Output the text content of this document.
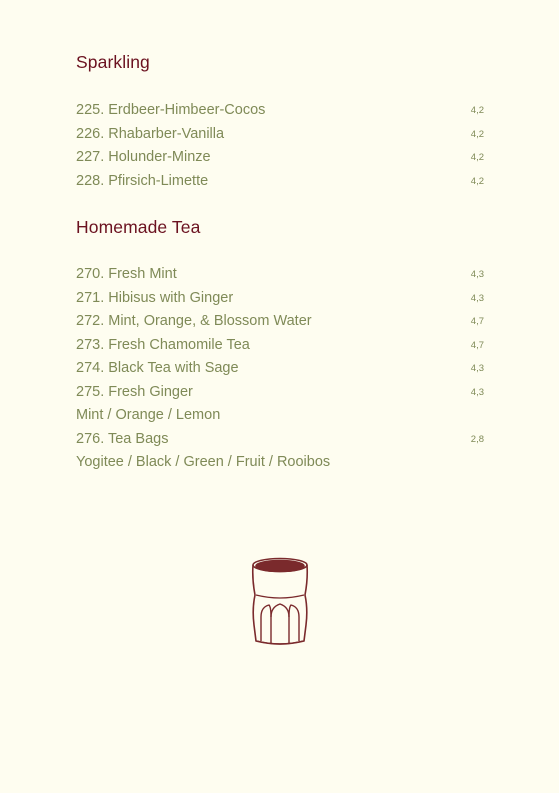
Sparkling
225. Erdbeer-Himbeer-Cocos	4,2
226. Rhabarber-Vanilla	4,2
227. Holunder-Minze	4,2
228. Pfirsich-Limette	4,2
Homemade Tea
270. Fresh Mint	4,3
271. Hibisus with Ginger	4,3
272. Mint, Orange, & Blossom Water	4,7
273. Fresh Chamomile Tea	4,7
274. Black Tea with Sage	4,3
275. Fresh Ginger	4,3
Mint / Orange / Lemon
276. Tea Bags	2,8
Yogitee / Black / Green / Fruit / Rooibos
